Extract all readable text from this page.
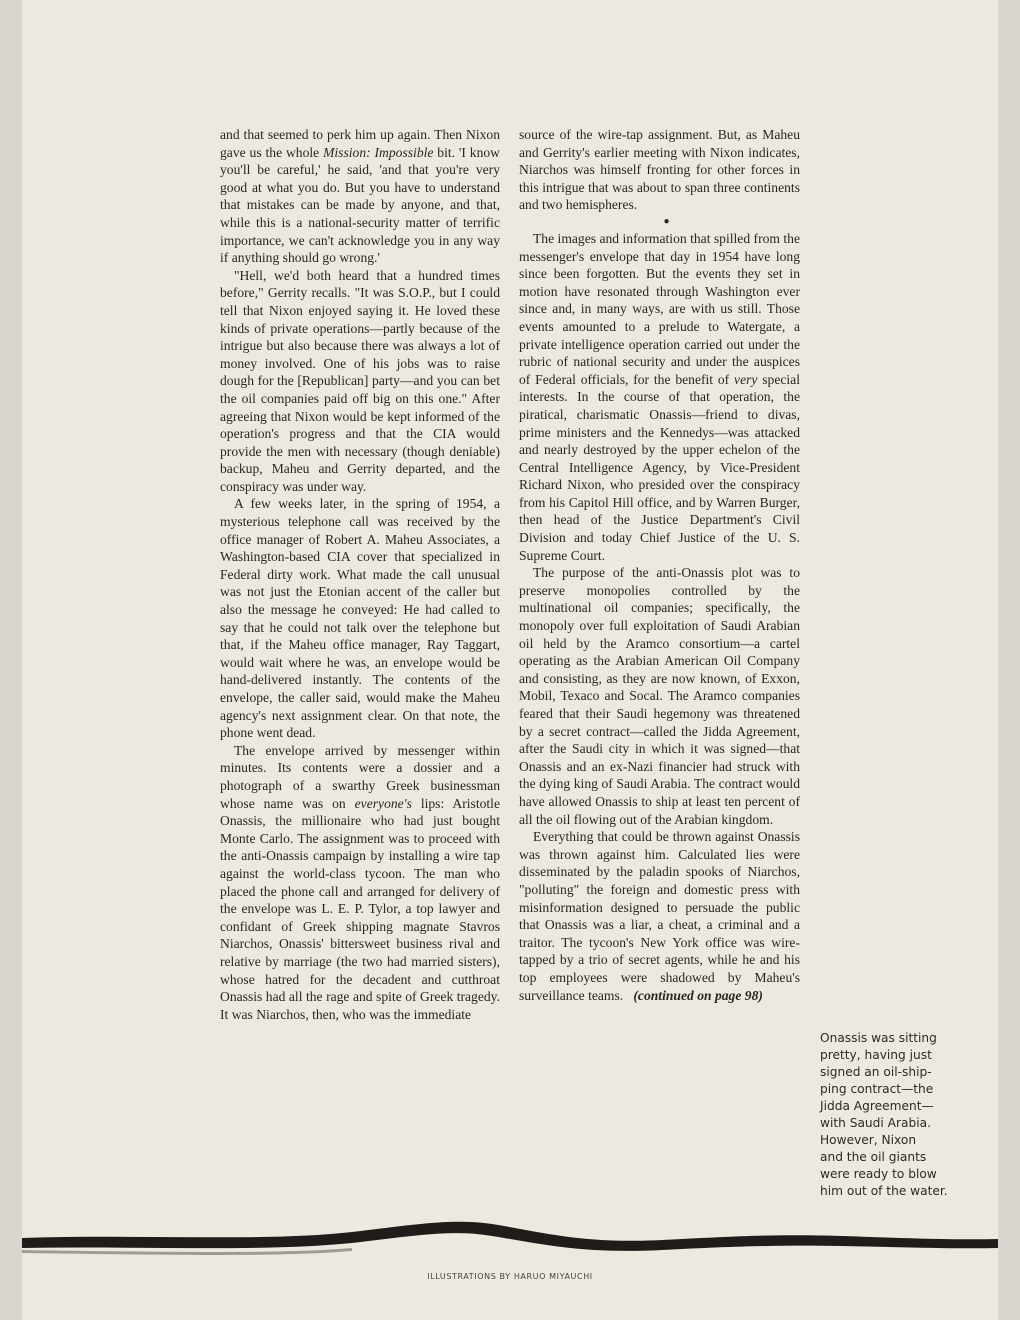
and that seemed to perk him up again. Then Nixon gave us the whole Mission: Impossible bit. 'I know you'll be careful,' he said, 'and that you're very good at what you do. But you have to understand that mistakes can be made by anyone, and that, while this is a national-security matter of terrific importance, we can't acknowledge you in any way if anything should go wrong.'

"Hell, we'd both heard that a hundred times before," Gerrity recalls. "It was S.O.P., but I could tell that Nixon enjoyed saying it. He loved these kinds of private operations—partly because of the intrigue but also because there was always a lot of money involved. One of his jobs was to raise dough for the [Republican] party—and you can bet the oil companies paid off big on this one." After agreeing that Nixon would be kept informed of the operation's progress and that the CIA would provide the men with necessary (though deniable) backup, Maheu and Gerrity departed, and the conspiracy was under way.

A few weeks later, in the spring of 1954, a mysterious telephone call was received by the office manager of Robert A. Maheu Associates, a Washington-based CIA cover that specialized in Federal dirty work. What made the call unusual was not just the Etonian accent of the caller but also the message he conveyed: He had called to say that he could not talk over the telephone but that, if the Maheu office manager, Ray Taggart, would wait where he was, an envelope would be hand-delivered instantly. The contents of the envelope, the caller said, would make the Maheu agency's next assignment clear. On that note, the phone went dead.

The envelope arrived by messenger within minutes. Its contents were a dossier and a photograph of a swarthy Greek businessman whose name was on everyone's lips: Aristotle Onassis, the millionaire who had just bought Monte Carlo. The assignment was to proceed with the anti-Onassis campaign by installing a wire tap against the world-class tycoon. The man who placed the phone call and arranged for delivery of the envelope was L. E. P. Tylor, a top lawyer and confidant of Greek shipping magnate Stavros Niarchos, Onassis' bittersweet business rival and relative by marriage (the two had married sisters), whose hatred for the decadent and cutthroat Onassis had all the rage and spite of Greek tragedy. It was Niarchos, then, who was the immediate

source of the wire-tap assignment. But, as Maheu and Gerrity's earlier meeting with Nixon indicates, Niarchos was himself fronting for other forces in this intrigue that was about to span three continents and two hemispheres.

●

The images and information that spilled from the messenger's envelope that day in 1954 have long since been forgotten. But the events they set in motion have resonated through Washington ever since and, in many ways, are with us still. Those events amounted to a prelude to Watergate, a private intelligence operation carried out under the rubric of national security and under the auspices of Federal officials, for the benefit of very special interests. In the course of that operation, the piratical, charismatic Onassis—friend to divas, prime ministers and the Kennedys—was attacked and nearly destroyed by the upper echelon of the Central Intelligence Agency, by Vice-President Richard Nixon, who presided over the conspiracy from his Capitol Hill office, and by Warren Burger, then head of the Justice Department's Civil Division and today Chief Justice of the U. S. Supreme Court.

The purpose of the anti-Onassis plot was to preserve monopolies controlled by the multinational oil companies; specifically, the monopoly over full exploitation of Saudi Arabian oil held by the Aramco consortium—a cartel operating as the Arabian American Oil Company and consisting, as they are now known, of Exxon, Mobil, Texaco and Socal. The Aramco companies feared that their Saudi hegemony was threatened by a secret contract—called the Jidda Agreement, after the Saudi city in which it was signed—that Onassis and an ex-Nazi financier had struck with the dying king of Saudi Arabia. The contract would have allowed Onassis to ship at least ten percent of all the oil flowing out of the Arabian kingdom.

Everything that could be thrown against Onassis was thrown against him. Calculated lies were disseminated by the paladin spooks of Niarchos, "polluting" the foreign and domestic press with misinformation designed to persuade the public that Onassis was a liar, a cheat, a criminal and a traitor. The tycoon's New York office was wire-tapped by a trio of secret agents, while he and his top employees were shadowed by Maheu's surveillance teams. (continued on page 98)

Onassis was sitting
pretty, having just
signed an oil-ship-
ping contract—the
Jidda Agreement—
with Saudi Arabia.
However, Nixon
and the oil giants
were ready to blow
him out of the water.
ILLUSTRATIONS BY HARUO MIYAUCHI
